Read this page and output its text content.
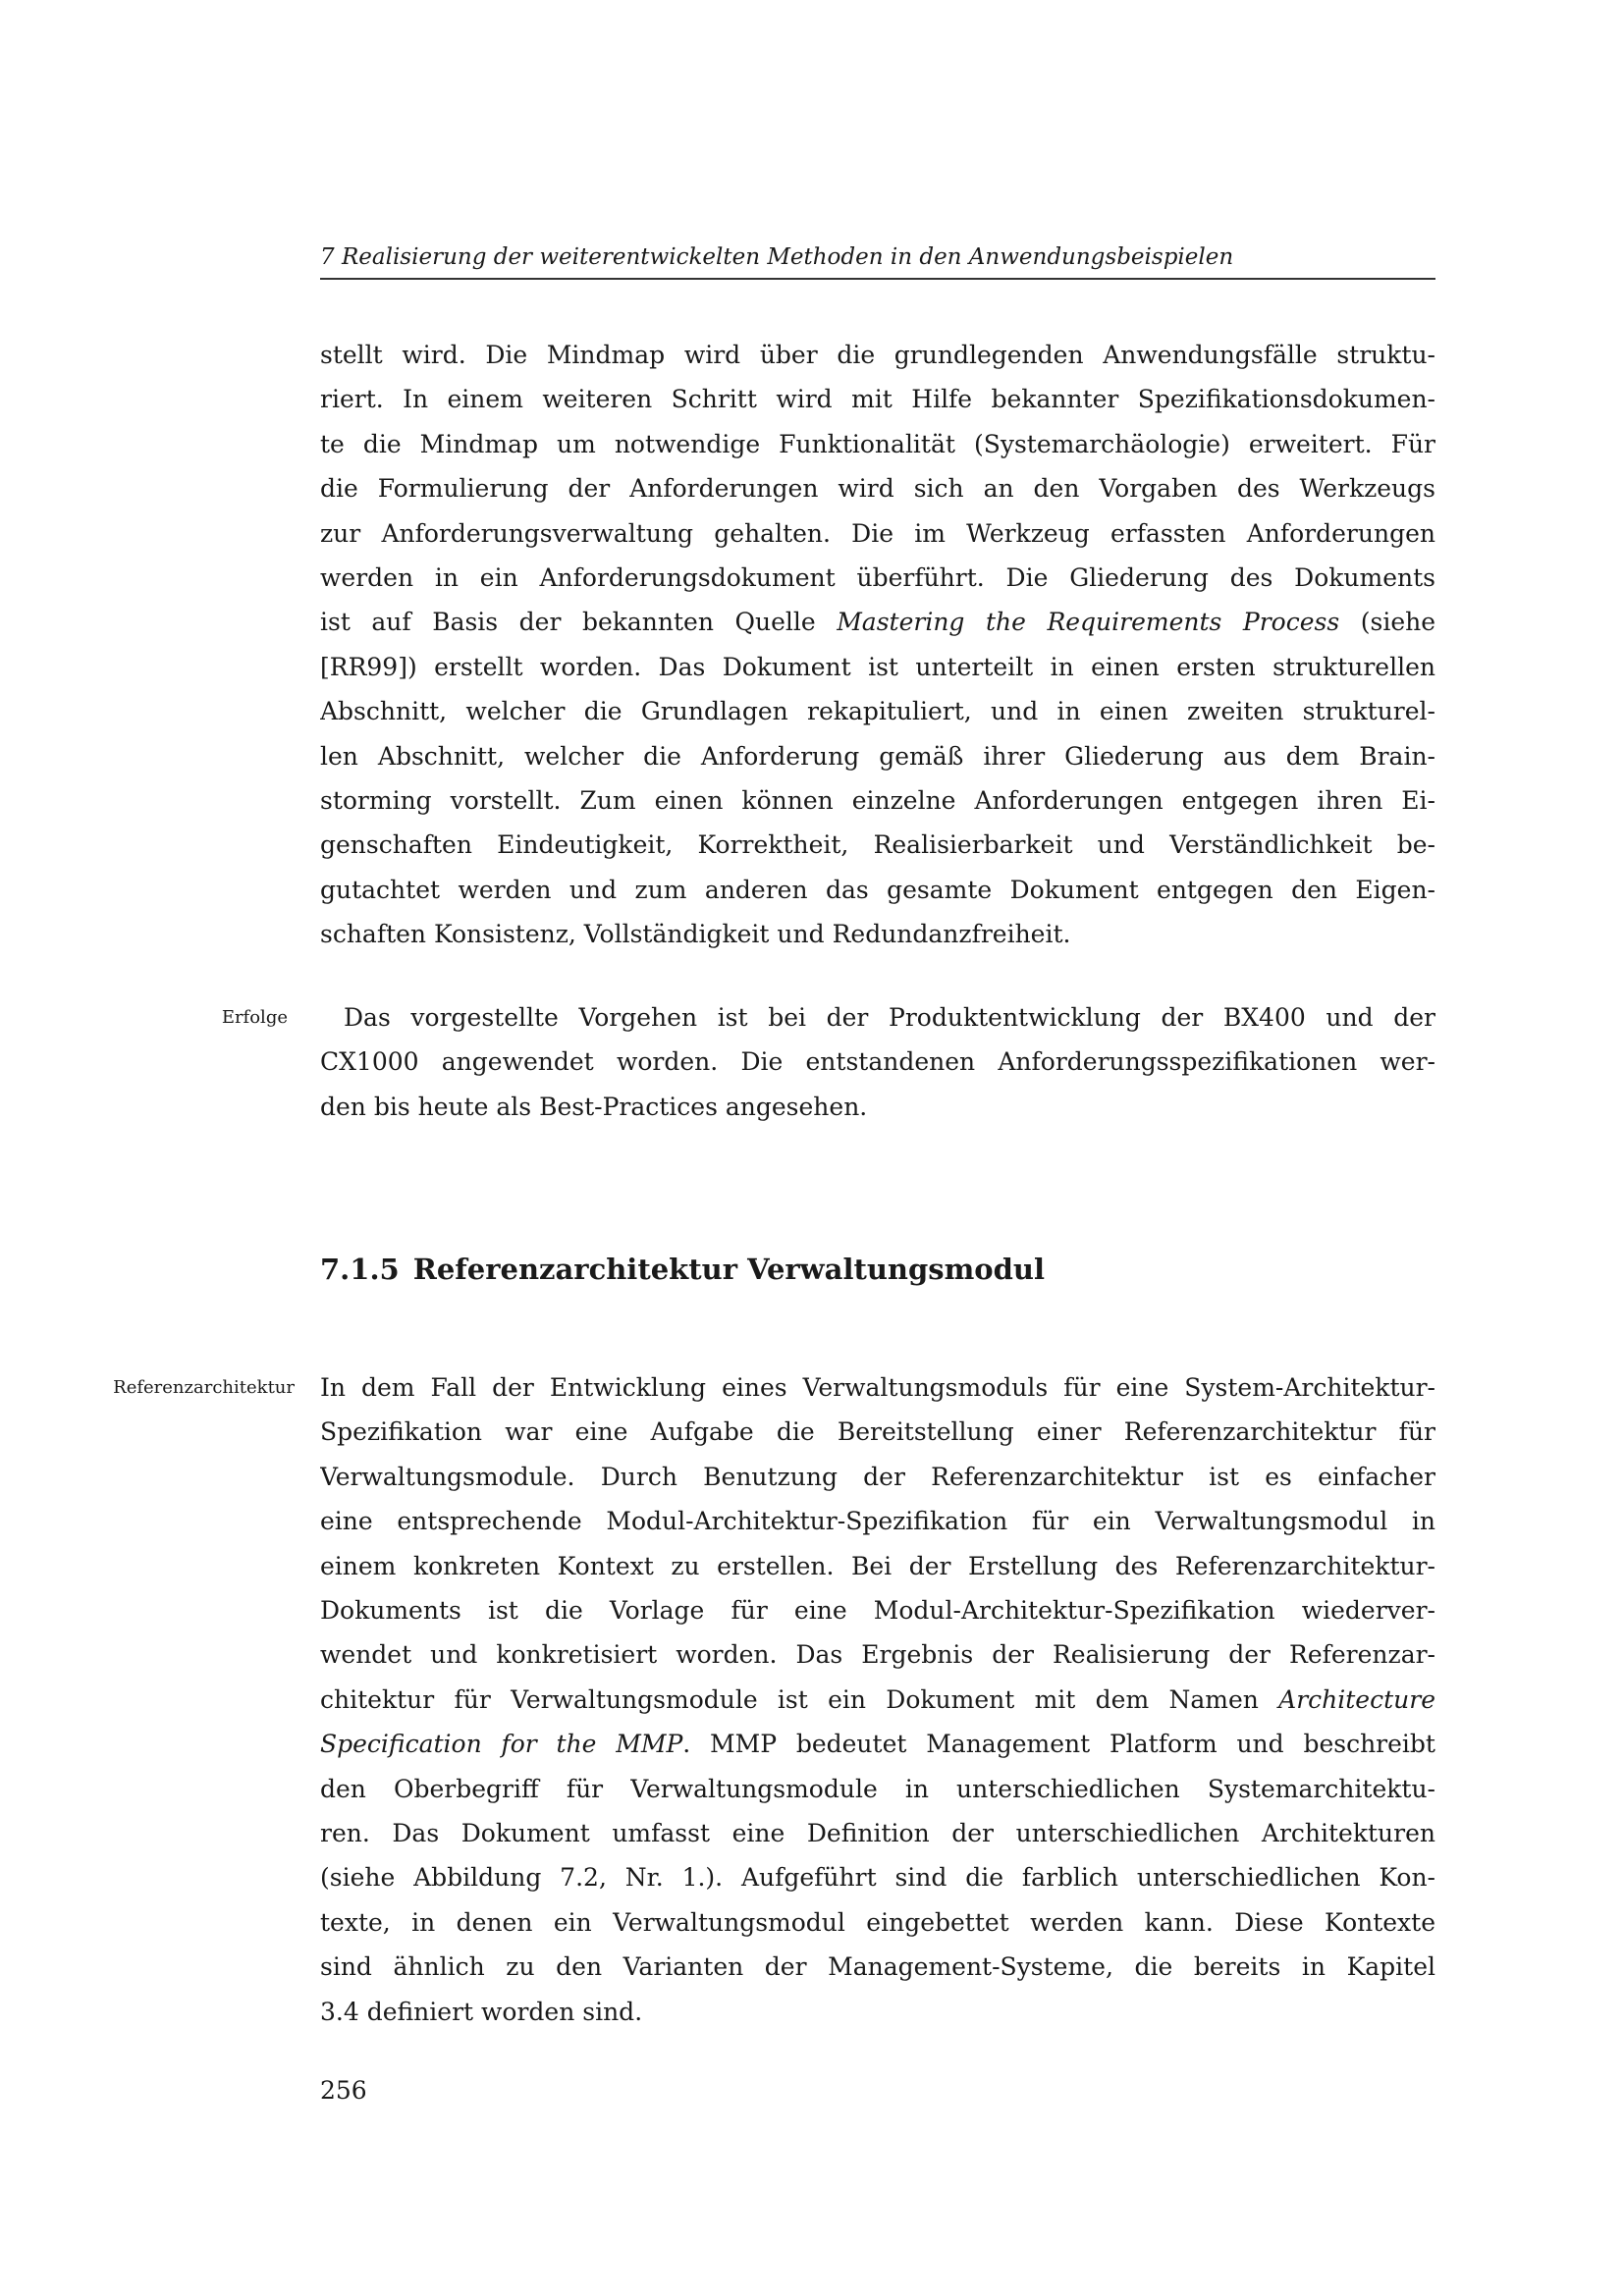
7 Realisierung der weiterentwickelten Methoden in den Anwendungsbeispielen
stellt wird. Die Mindmap wird über die grundlegenden Anwendungsfälle struktu-
riert. In einem weiteren Schritt wird mit Hilfe bekannter Spezifikationsdokumen-
te die Mindmap um notwendige Funktionalität (Systemarchäologie) erweitert. Für
die Formulierung der Anforderungen wird sich an den Vorgaben des Werkzeugs
zur Anforderungsverwaltung gehalten. Die im Werkzeug erfassten Anforderungen
werden in ein Anforderungsdokument überführt. Die Gliederung des Dokuments
ist auf Basis der bekannten Quelle Mastering the Requirements Process (siehe
[RR99]) erstellt worden. Das Dokument ist unterteilt in einen ersten strukturellen
Abschnitt, welcher die Grundlagen rekapituliert, und in einen zweiten strukturel-
len Abschnitt, welcher die Anforderung gemäß ihrer Gliederung aus dem Brain-
storming vorstellt. Zum einen können einzelne Anforderungen entgegen ihren Ei-
genschaften Eindeutigkeit, Korrektheit, Realisierbarkeit und Verständlichkeit be-
gutachtet werden und zum anderen das gesamte Dokument entgegen den Eigen-
schaften Konsistenz, Vollständigkeit und Redundanzfreiheit.
Erfolge	Das vorgestellte Vorgehen ist bei der Produktentwicklung der BX400 und der
CX1000 angewendet worden. Die entstandenen Anforderungsspezifikationen wer-
den bis heute als Best-Practices angesehen.
7.1.5 Referenzarchitektur Verwaltungsmodul
Referenzarchitektur In dem Fall der Entwicklung eines Verwaltungsmoduls für eine System-Architektur-
Spezifikation war eine Aufgabe die Bereitstellung einer Referenzarchitektur für
Verwaltungsmodule. Durch Benutzung der Referenzarchitektur ist es einfacher
eine entsprechende Modul-Architektur-Spezifikation für ein Verwaltungsmodul in
einem konkreten Kontext zu erstellen. Bei der Erstellung des Referenzarchitektur-
Dokuments ist die Vorlage für eine Modul-Architektur-Spezifikation wiederver-
wendet und konkretisiert worden. Das Ergebnis der Realisierung der Referenzar-
chitektur für Verwaltungsmodule ist ein Dokument mit dem Namen Architecture
Specification for the MMP. MMP bedeutet Management Platform und beschreibt
den Oberbegriff für Verwaltungsmodule in unterschiedlichen Systemarchitektu-
ren. Das Dokument umfasst eine Definition der unterschiedlichen Architekturen
(siehe Abbildung 7.2, Nr. 1.). Aufgeführt sind die farblich unterschiedlichen Kon-
texte, in denen ein Verwaltungsmodul eingebettet werden kann. Diese Kontexte
sind ähnlich zu den Varianten der Management-Systeme, die bereits in Kapitel
3.4 definiert worden sind.
256
